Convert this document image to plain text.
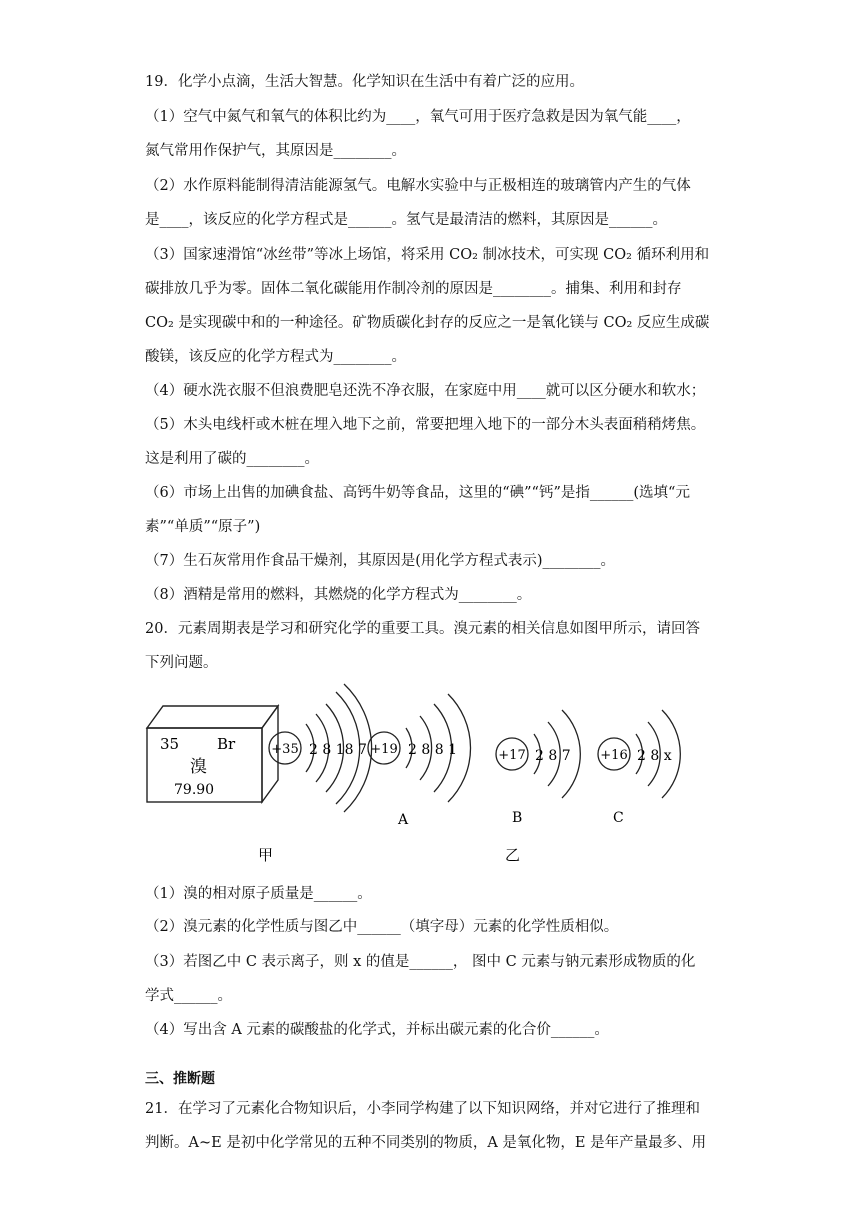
19．化学小点滴，生活大智慧。化学知识在生活中有着广泛的应用。
（1）空气中氮气和氧气的体积比约为____，氧气可用于医疗急救是因为氧气能____，
氮气常用作保护气，其原因是________。
（2）水作原料能制得清洁能源氢气。电解水实验中与正极相连的玻璃管内产生的气体
是____，该反应的化学方程式是______。氢气是最清洁的燃料，其原因是______。
（3）国家速滑馆“冰丝带”等冰上场馆，将采用 CO₂ 制冰技术，可实现 CO₂ 循环利用和
碳排放几乎为零。固体二氧化碳能用作制冷剂的原因是________。捕集、利用和封存
CO₂ 是实现碳中和的一种途径。矿物质碳化封存的反应之一是氧化镁与 CO₂ 反应生成碳
酸镁，该反应的化学方程式为________。
（4）硬水洗衣服不但浪费肥皂还洗不净衣服，在家庭中用____就可以区分硬水和软水；
（5）木头电线杆或木桩在埋入地下之前，常要把埋入地下的一部分木头表面稍稍烤焦。
这是利用了碳的________。
（6）市场上出售的加碘食盐、高钙牛奶等食品，这里的“碘”“钙”是指______(选填“元
素”“单质”“原子”)
（7）生石灰常用作食品干燥剂，其原因是(用化学方程式表示)________。
（8）酒精是常用的燃料，其燃烧的化学方程式为________。
20．元素周期表是学习和研究化学的重要工具。溴元素的相关信息如图甲所示，请回答
下列问题。
35	Br
溴
79.90
+35 2 8 18 7 +19 2 8 8 1
A
+17 2 8 7
B
+16 2 8 x
C
甲	乙
（1）溴的相对原子质量是______。
（2）溴元素的化学性质与图乙中______（填字母）元素的化学性质相似。
（3）若图乙中 C 表示离子，则 x 的值是______， 图中 C 元素与钠元素形成物质的化
学式______。
（4）写出含 A 元素的碳酸盐的化学式，并标出碳元素的化合价______。
三、推断题
21．在学习了元素化合物知识后，小李同学构建了以下知识网络，并对它进行了推理和
判断。A~E 是初中化学常见的五种不同类别的物质，A 是氧化物，E 是年产量最多、用
